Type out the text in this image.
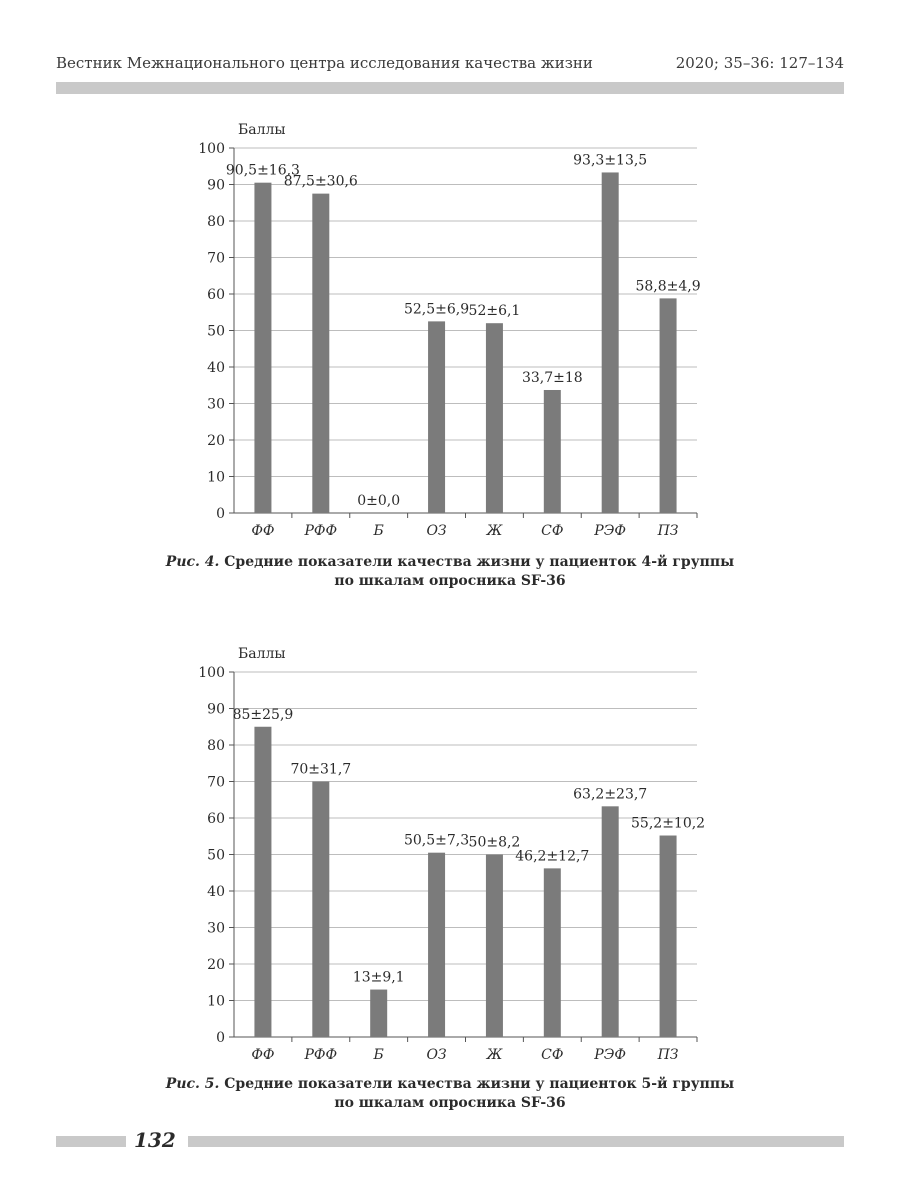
Вестник Межнационального центра исследования качества жизни	2020; 35–36: 127–134
Баллы
0
10
20
30
40
50
60
70
80
90
100
90,5±16,3
ФФ
87,5±30,6
РФФ
0±0,0
Б
52,5±6,9
ОЗ
52±6,1
Ж
33,7±18
СФ
93,3±13,5
РЭФ
58,8±4,9
ПЗ
Рис. 4. Средние показатели качества жизни у пациенток 4-й группы
по шкалам опросника SF-36
Баллы
0
10
20
30
40
50
60
70
80
90
100
85±25,9
ФФ
70±31,7
РФФ
13±9,1
Б
50,5±7,3
ОЗ
50±8,2
Ж
46,2±12,7
СФ
63,2±23,7
РЭФ
55,2±10,2
ПЗ
Рис. 5. Средние показатели качества жизни у пациенток 5-й группы
по шкалам опросника SF-36
132
